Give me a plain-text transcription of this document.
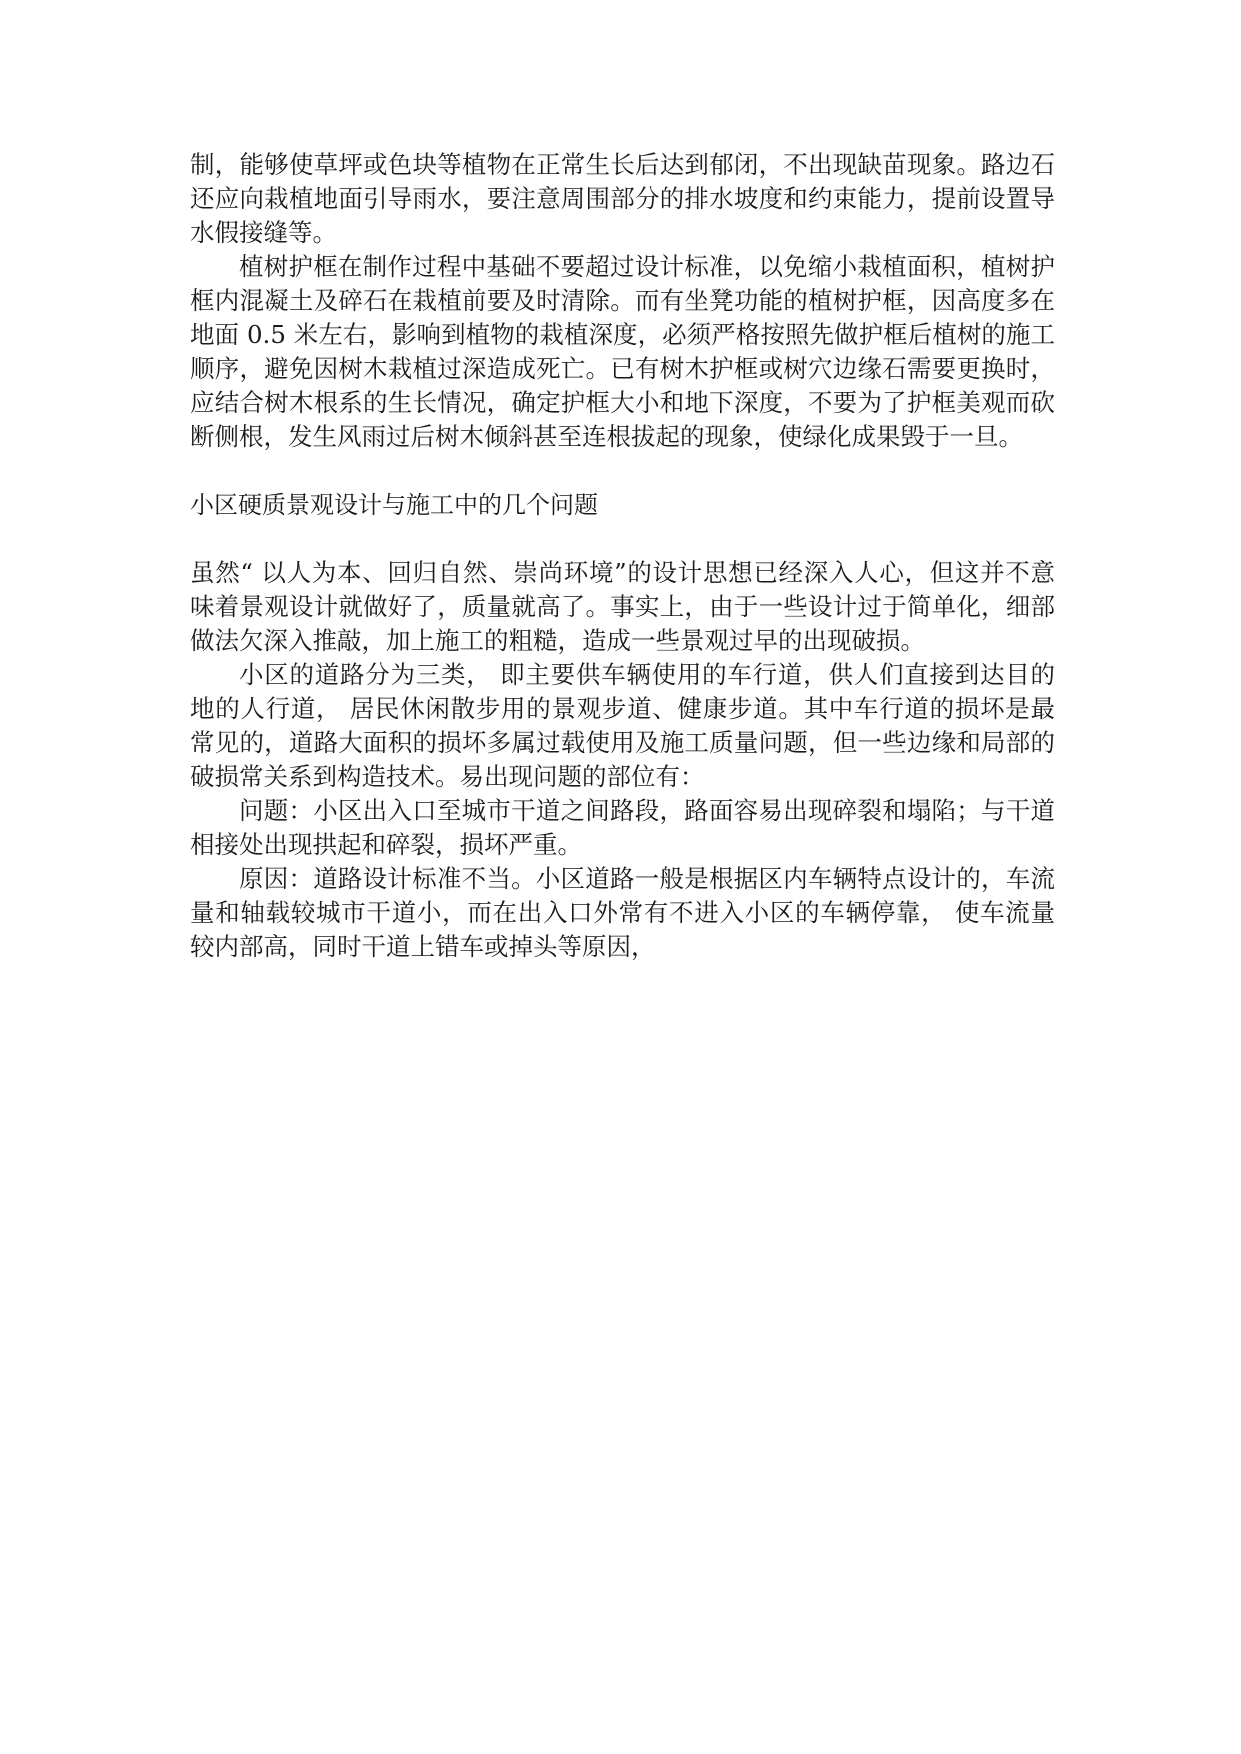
制，能够使草坪或色块等植物在正常生长后达到郁闭，不出现缺苗现象。路边石还应向栽植地面引导雨水，要注意周围部分的排水坡度和约束能力，提前设置导水假接缝等。

植树护框在制作过程中基础不要超过设计标准，以免缩小栽植面积，植树护框内混凝土及碎石在栽植前要及时清除。而有坐凳功能的植树护框，因高度多在地面 0.5 米左右，影响到植物的栽植深度，必须严格按照先做护框后植树的施工顺序，避免因树木栽植过深造成死亡。已有树木护框或树穴边缘石需要更换时，应结合树木根系的生长情况，确定护框大小和地下深度，不要为了护框美观而砍断侧根，发生风雨过后树木倾斜甚至连根拔起的现象，使绿化成果毁于一旦。

小区硬质景观设计与施工中的几个问题

虽然“ 以人为本、回归自然、崇尚环境”的设计思想已经深入人心，但这并不意味着景观设计就做好了，质量就高了。事实上，由于一些设计过于简单化，细部做法欠深入推敲，加上施工的粗糙，造成一些景观过早的出现破损。

小区的道路分为三类， 即主要供车辆使用的车行道，供人们直接到达目的地的人行道， 居民休闲散步用的景观步道、健康步道。其中车行道的损坏是最常见的，道路大面积的损坏多属过载使用及施工质量问题，但一些边缘和局部的破损常关系到构造技术。易出现问题的部位有：

问题：小区出入口至城市干道之间路段，路面容易出现碎裂和塌陷；与干道相接处出现拱起和碎裂，损坏严重。

原因：道路设计标准不当。小区道路一般是根据区内车辆特点设计的，车流量和轴载较城市干道小，而在出入口外常有不进入小区的车辆停靠， 使车流量较内部高，同时干道上错车或掉头等原因，
